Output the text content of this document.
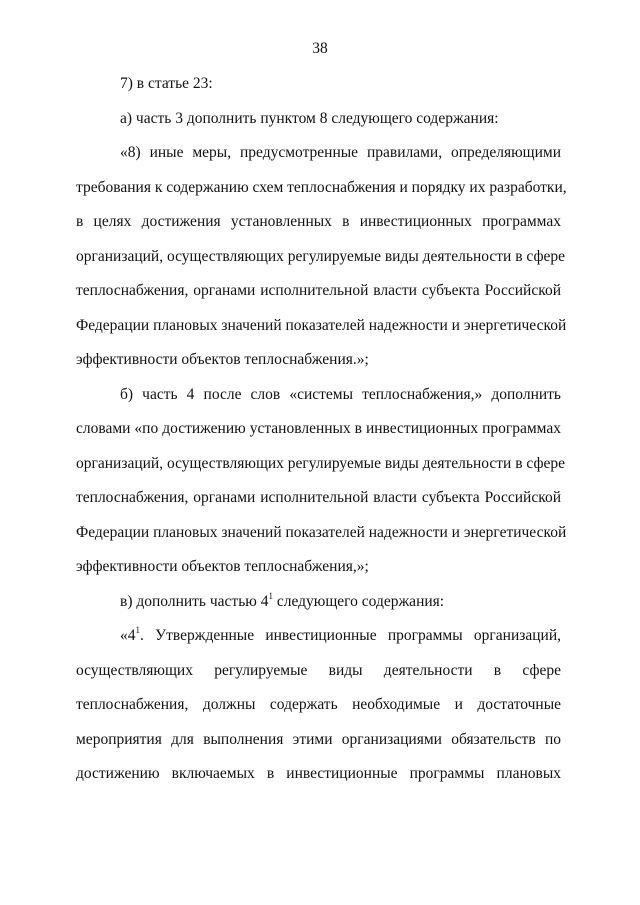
38
7) в статье 23:
а) часть 3 дополнить пунктом 8 следующего содержания:
«8) иные меры, предусмотренные правилами, определяющими
требования к содержанию схем теплоснабжения и порядку их разработки,
в целях достижения установленных в инвестиционных программах
организаций, осуществляющих регулируемые виды деятельности в сфере
теплоснабжения, органами исполнительной власти субъекта Российской
Федерации плановых значений показателей надежности и энергетической
эффективности объектов теплоснабжения.»;
б) часть 4 после слов «системы теплоснабжения,» дополнить
словами «по достижению установленных в инвестиционных программах
организаций, осуществляющих регулируемые виды деятельности в сфере
теплоснабжения, органами исполнительной власти субъекта Российской
Федерации плановых значений показателей надежности и энергетической
эффективности объектов теплоснабжения,»;
в) дополнить частью $4^1$ следующего содержания:
«$4^1$. Утвержденные инвестиционные программы организаций,
осуществляющих регулируемые виды деятельности в сфере
теплоснабжения, должны содержать необходимые и достаточные
мероприятия для выполнения этими организациями обязательств по
достижению включаемых в инвестиционные программы плановых
